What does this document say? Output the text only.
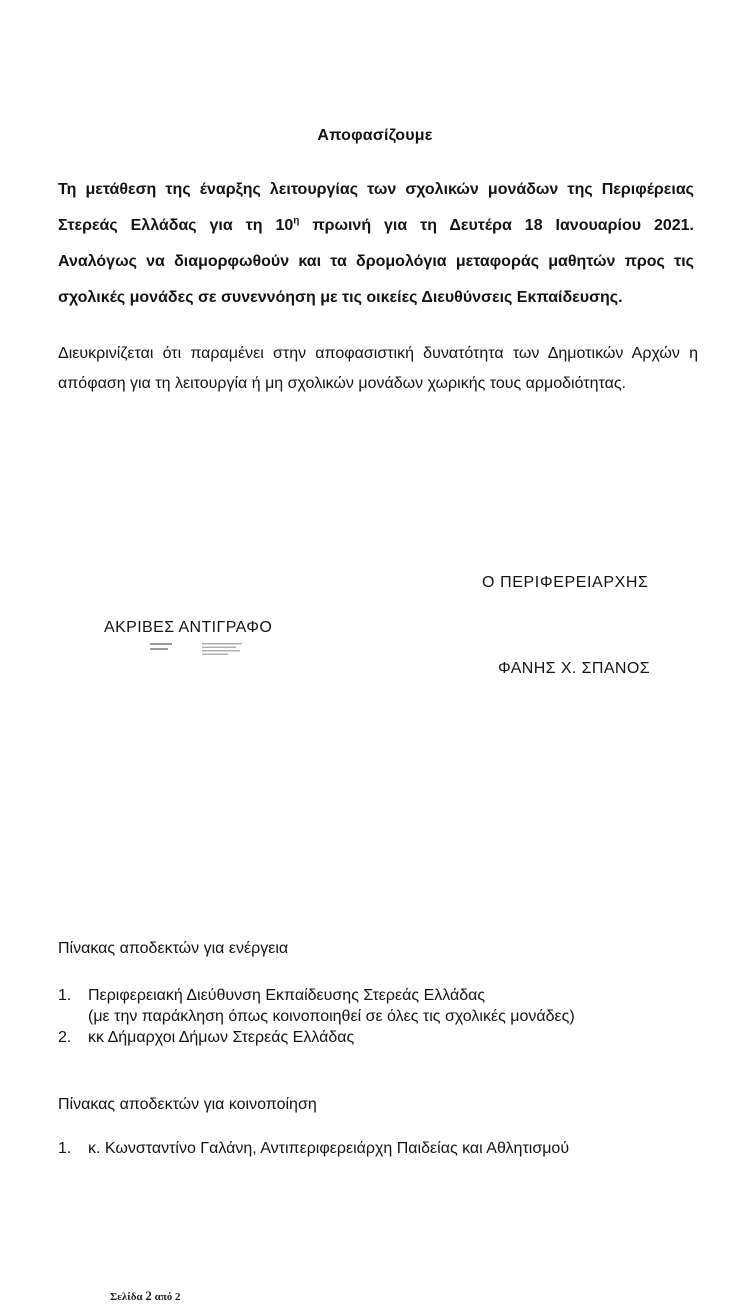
Αποφασίζουμε

Τη μετάθεση της έναρξης λειτουργίας των σχολικών μονάδων της Περιφέρειας

Στερεάς Ελλάδας για τη $10^\eta$ πρωινή για τη Δευτέρα 18 Ιανουαρίου 2021.

Αναλόγως να διαμορφωθούν και τα δρομολόγια μεταφοράς μαθητών προς τις

σχολικές μονάδες σε συνεννόηση με τις οικείες Διευθύνσεις Εκπαίδευσης.

Διευκρινίζεται ότι παραμένει στην αποφασιστική δυνατότητα των Δημοτικών Αρχών η

απόφαση για τη λειτουργία ή μη σχολικών μονάδων χωρικής τους αρμοδιότητας.

Ο ΠΕΡΙΦΕΡΕΙΑΡΧΗΣ
ΑΚΡΙΒΕΣ ΑΝΤΙΓΡΑΦΟ
ΦΑΝΗΣ Χ. ΣΠΑΝΟΣ
Πίνακας αποδεκτών για ενέργεια
1. Περιφερειακή Διεύθυνση Εκπαίδευσης Στερεάς Ελλάδας
(με την παράκληση όπως κοινοποιηθεί σε όλες τις σχολικές μονάδες)
2. κκ Δήμαρχοι Δήμων Στερεάς Ελλάδας
Πίνακας αποδεκτών για κοινοποίηση
1. κ. Κωνσταντίνο Γαλάνη, Αντιπεριφερειάρχη Παιδείας και Αθλητισμού
Σελίδα 2 από 2
